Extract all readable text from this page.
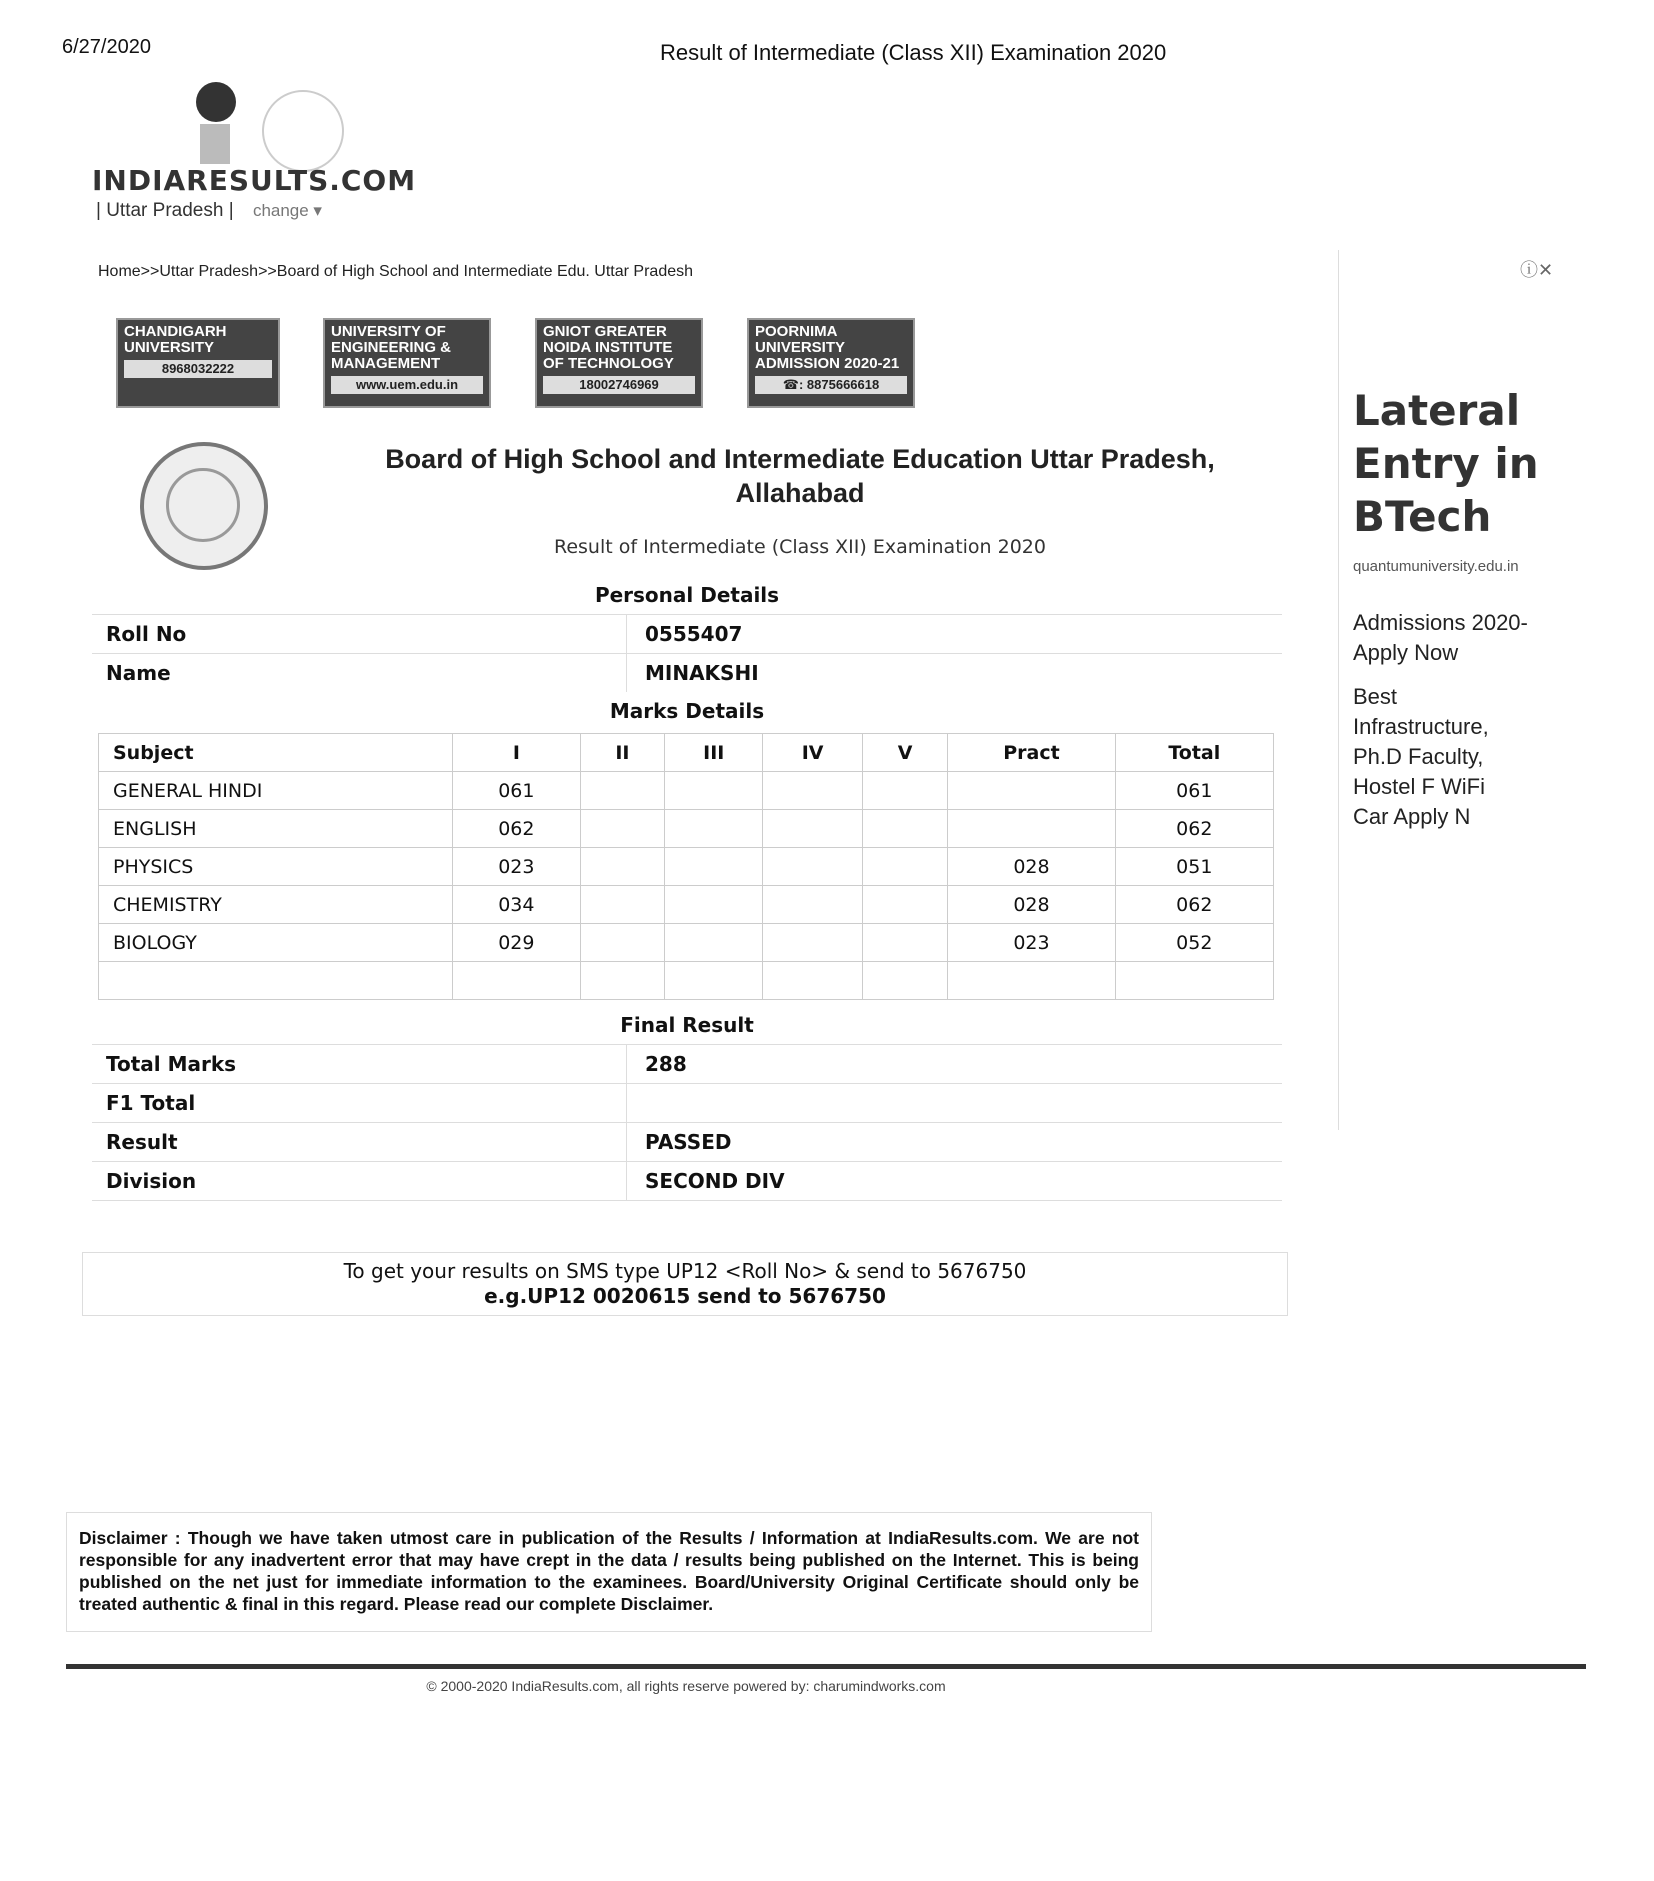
6/27/2020	Result of Intermediate (Class XII) Examination 2020
INDIARESULTS.COM
| Uttar Pradesh | change ▾
Home>>Uttar Pradesh>>Board of High School and Intermediate Edu. Uttar Pradesh	ⓘ✕
CHANDIGARH UNIVERSITY
8968032222
UNIVERSITY OF ENGINEERING & MANAGEMENT
www.uem.edu.in
GNIOT GREATER NOIDA INSTITUTE OF TECHNOLOGY
18002746969
POORNIMA UNIVERSITY ADMISSION 2020-21
☎: 8875666618
Board of High School and Intermediate Education Uttar Pradesh, Allahabad
Result of Intermediate (Class XII) Examination 2020
Personal Details
Roll No	0555407
Name	MINAKSHI
Marks Details
Subject	I	II	III	IV	V	Pract	Total
GENERAL HINDI	061						061
ENGLISH	062						062
PHYSICS	023					028	051
CHEMISTRY	034					028	062
BIOLOGY	029					023	052

Final Result
Total Marks	288
F1 Total
Result	PASSED
Division	SECOND DIV
To get your results on SMS type UP12 <Roll No> & send to 5676750
e.g.UP12 0020615 send to 5676750
Disclaimer : Though we have taken utmost care in publication of the Results / Information at IndiaResults.com. We are not responsible for any inadvertent error that may have crept in the data / results being published on the Internet. This is being published on the net just for immediate information to the examinees. Board/University Original Certificate should only be treated authentic & final in this regard. Please read our complete Disclaimer.
© 2000-2020 IndiaResults.com, all rights reserve powered by: charumindworks.com
Lateral Entry in BTech
quantumuniversity.edu.in
Admissions 2020-Apply Now
Best Infrastructure, Ph.D Faculty, Hostel F WiFi Car Apply N
